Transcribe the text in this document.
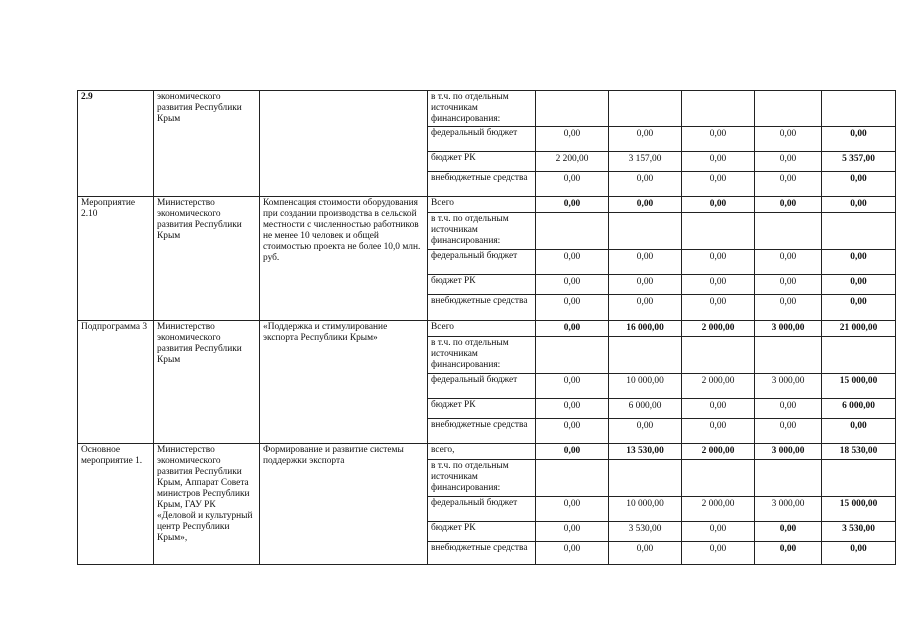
2.9	экономического развития Республики Крым		в т.ч. по отдельным источникам финансирования:					
			федеральный бюджет	0,00	0,00	0,00	0,00	0,00
			бюджет РК	2 200,00	3 157,00	0,00	0,00	5 357,00
			внебюджетные средства	0,00	0,00	0,00	0,00	0,00
Мероприятие 2.10	Министерство экономического развития Республики Крым	Компенсация стоимости оборудования при создании производства в сельской местности с численностью работников не менее 10 человек и общей стоимостью проекта не более 10,0 млн. руб.	Всего	0,00	0,00	0,00	0,00	0,00
			в т.ч. по отдельным источникам финансирования:					
			федеральный бюджет	0,00	0,00	0,00	0,00	0,00
			бюджет РК	0,00	0,00	0,00	0,00	0,00
			внебюджетные средства	0,00	0,00	0,00	0,00	0,00
Подпрограмма 3	Министерство экономического развития Республики Крым	«Поддержка и стимулирование экспорта Республики Крым»	Всего	0,00	16 000,00	2 000,00	3 000,00	21 000,00
			в т.ч. по отдельным источникам финансирования:					
			федеральный бюджет	0,00	10 000,00	2 000,00	3 000,00	15 000,00
			бюджет РК	0,00	6 000,00	0,00	0,00	6 000,00
			внебюджетные средства	0,00	0,00	0,00	0,00	0,00
Основное мероприятие 1.	Министерство экономического развития Республики Крым, Аппарат Совета министров Республики Крым, ГАУ РК «Деловой и культурный центр Республики Крым»,	Формирование и развитие системы поддержки экспорта	всего,	0,00	13 530,00	2 000,00	3 000,00	18 530,00
			в т.ч. по отдельным источникам финансирования:					
			федеральный бюджет	0,00	10 000,00	2 000,00	3 000,00	15 000,00
			бюджет РК	0,00	3 530,00	0,00	0,00	3 530,00
			внебюджетные средства	0,00	0,00	0,00	0,00	0,00
